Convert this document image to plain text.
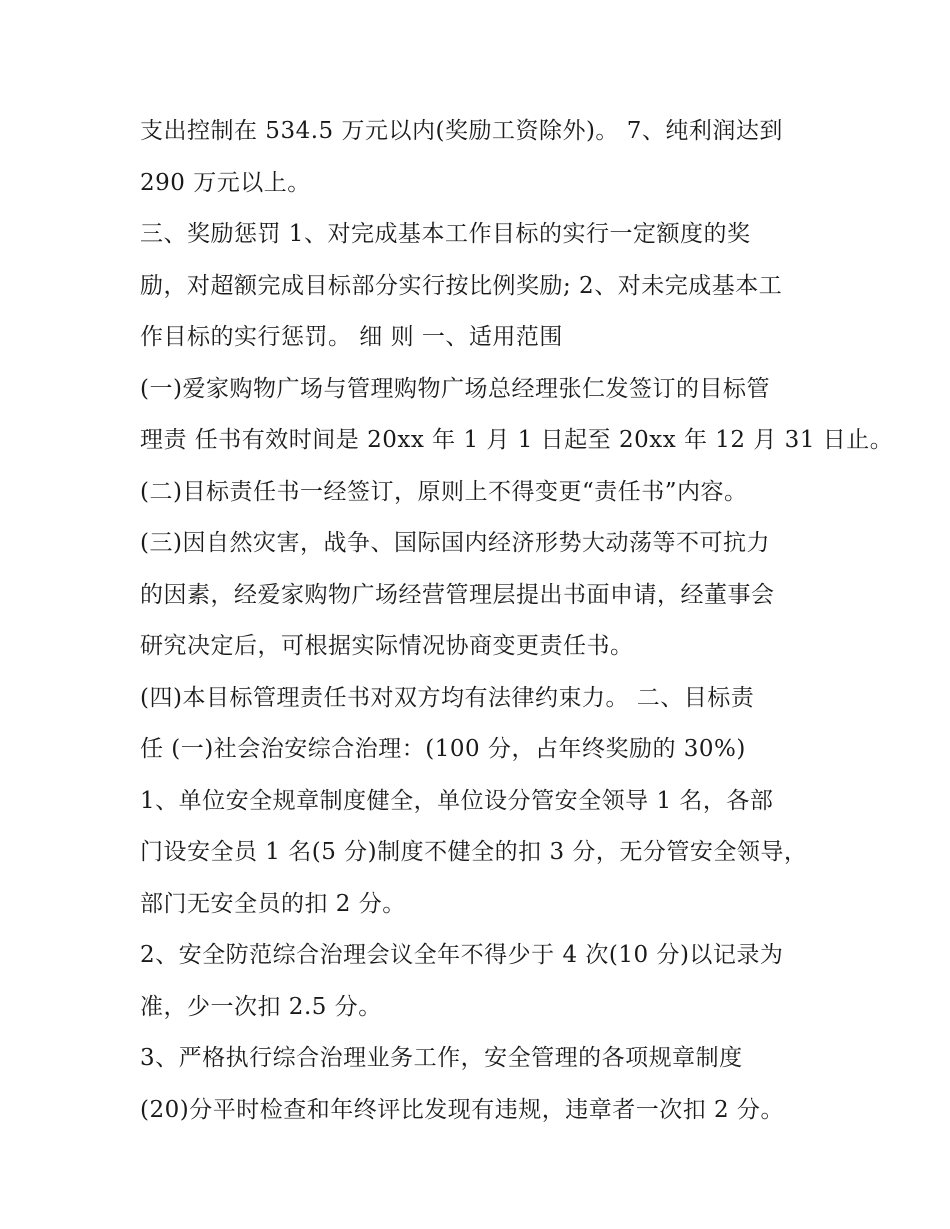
支出控制在 534.5 万元以内(奖励工资除外)。 7、纯利润达到
290 万元以上。
三、奖励惩罚 1、对完成基本工作目标的实行一定额度的奖
励，对超额完成目标部分实行按比例奖励; 2、对未完成基本工
作目标的实行惩罚。 细 则 一、适用范围
(一)爱家购物广场与管理购物广场总经理张仁发签订的目标管
理责 任书有效时间是 20xx 年 1 月 1 日起至 20xx 年 12 月 31 日止。
(二)目标责任书一经签订，原则上不得变更“责任书”内容。
(三)因自然灾害，战争、国际国内经济形势大动荡等不可抗力
的因素，经爱家购物广场经营管理层提出书面申请，经董事会
研究决定后，可根据实际情况协商变更责任书。
(四)本目标管理责任书对双方均有法律约束力。 二、目标责
任 (一)社会治安综合治理：(100 分，占年终奖励的 30%)
1、单位安全规章制度健全，单位设分管安全领导 1 名，各部
门设安全员 1 名(5 分)制度不健全的扣 3 分，无分管安全领导，
部门无安全员的扣 2 分。
2、安全防范综合治理会议全年不得少于 4 次(10 分)以记录为
准，少一次扣 2.5 分。
3、严格执行综合治理业务工作，安全管理的各项规章制度
(20)分平时检查和年终评比发现有违规，违章者一次扣 2 分。
